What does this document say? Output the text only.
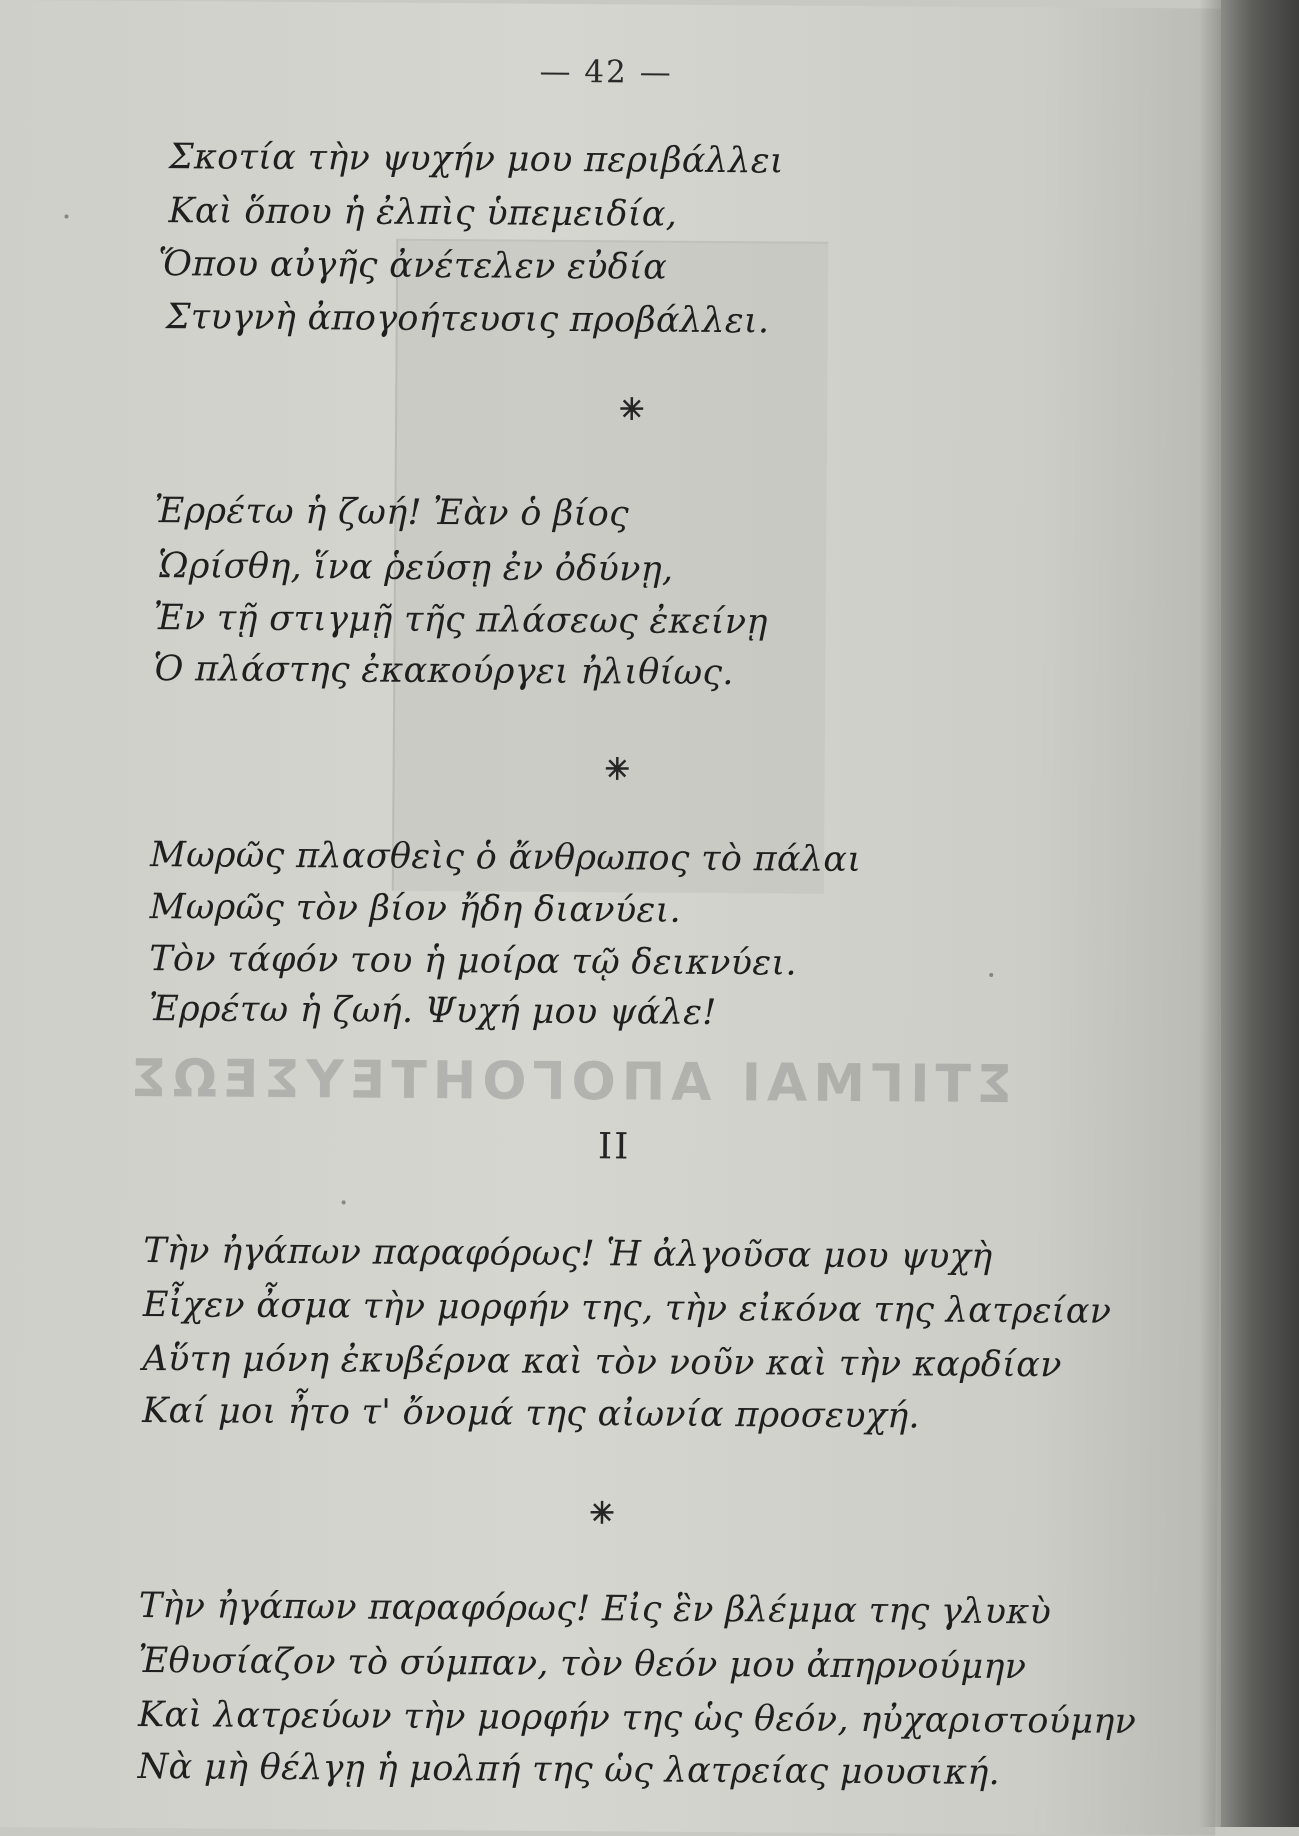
ΣΤΙΓΜΑΙ ΑΠΟΓΟΗΤΕΥΣΕΩΣ
— 42 —
Σκοτία τὴν ψυχήν μου περιβάλλει
Καὶ ὅπου ἡ ἐλπὶς ὑπεμειδία,
Ὅπου αὐγῆς ἀνέτελεν εὐδία
Στυγνὴ ἀπογοήτευσις προβάλλει.
✳
Ἐρρέτω ἡ ζωή! Ἐὰν ὁ βίος
Ὡρίσθη, ἵνα ῥεύσῃ ἐν ὀδύνῃ,
Ἐν τῇ στιγμῇ τῆς πλάσεως ἐκείνῃ
Ὁ πλάστης ἐκακούργει ἠλιθίως.
✳
Μωρῶς πλασθεὶς ὁ ἄνθρωπος τὸ πάλαι
Μωρῶς τὸν βίον ἤδη διανύει.
Τὸν τάφόν του ἡ μοίρα τῷ δεικνύει.
Ἐρρέτω ἡ ζωή. Ψυχή μου ψάλε!
II
Τὴν ἠγάπων παραφόρως! Ἡ ἀλγοῦσα μου ψυχὴ
Εἶχεν ἆσμα τὴν μορφήν της, τὴν εἰκόνα της λατρείαν
Αὕτη μόνη ἐκυβέρνα καὶ τὸν νοῦν καὶ τὴν καρδίαν
Καί μοι ἦτο τ' ὄνομά της αἰωνία προσευχή.
✳
Τὴν ἠγάπων παραφόρως! Εἰς ἓν βλέμμα της γλυκὺ
Ἐθυσίαζον τὸ σύμπαν, τὸν θεόν μου ἀπηρνούμην
Καὶ λατρεύων τὴν μορφήν της ὡς θεόν, ηὐχαριστούμην
Νὰ μὴ θέλγῃ ἡ μολπή της ὡς λατρείας μουσική.
